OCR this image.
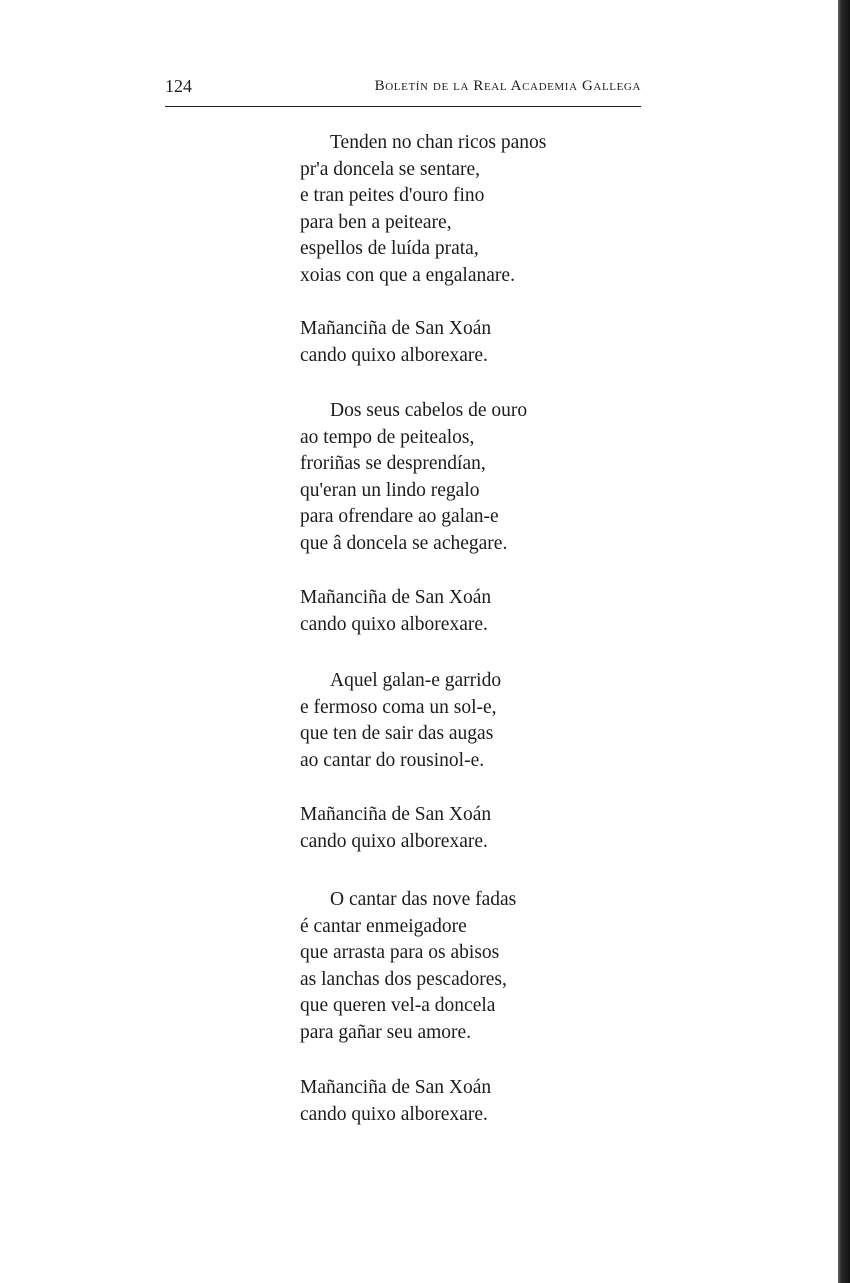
124	Boletín de la Real Academia Gallega
Tenden no chan ricos panos
pr'a doncela se sentare,
e tran peites d'ouro fino
para ben a peiteare,
espellos de luída prata,
xoias con que a engalanare.
Mañanciña de San Xoán
cando quixo alborexare.
Dos seus cabelos de ouro
ao tempo de peitealos,
froriñas se desprendían,
qu'eran un lindo regalo
para ofrendare ao galan-e
que â doncela se achegare.
Mañanciña de San Xoán
cando quixo alborexare.
Aquel galan-e garrido
e fermoso coma un sol-e,
que ten de sair das augas
ao cantar do rousinol-e.
Mañanciña de San Xoán
cando quixo alborexare.
O cantar das nove fadas
é cantar enmeigadore
que arrasta para os abisos
as lanchas dos pescadores,
que queren vel-a doncela
para gañar seu amore.
Mañanciña de San Xoán
cando quixo alborexare.
